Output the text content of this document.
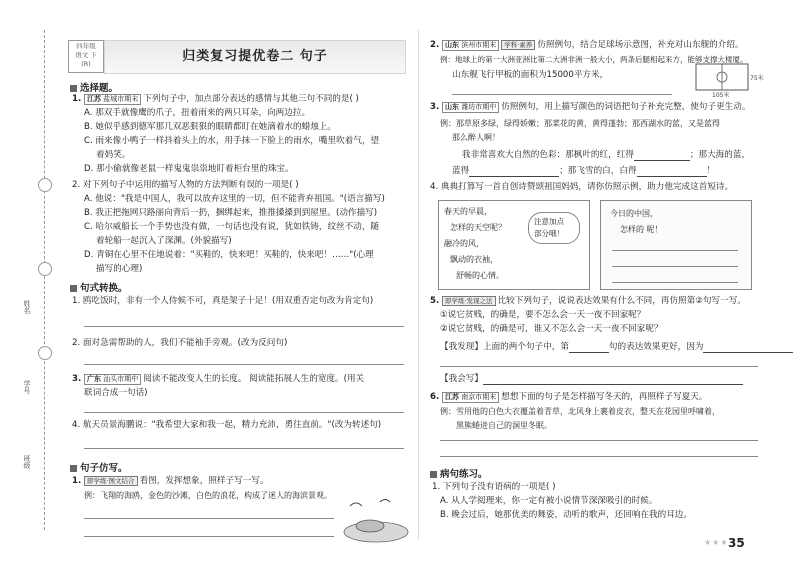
姓名
学号
班级
四年级
语文 下
(R)	归类复习提优卷二 句子
选择题。
1. 江苏 盐城市期末 下列句子中，加点部分表达的感情与其他三句不同的是( )
A. 那双手就像鹰的爪子，扭着雨来的两只耳朵，向两边拉。
B. 她似乎感到德军那几双恶狠狠的眼睛都盯在她滴着水的蜡烛上。
C. 雨来像小鸭子一样抖着头上的水，用手抹一下脸上的雨水，嘴里吹着气，望
着妈笑。
D. 那小偷就像老鼠一样鬼鬼祟祟地盯着柜台里的珠宝。
2. 对下列句子中运用的描写人物的方法判断有误的一项是( )
A. 他说："我是中国人，我可以放弃这里的一切，但不能背弃祖国。"(语言描写)
B. 我正把拖网只路丽向背后一扔，捆绑起来，推推搡搡到到屋里。(动作描写)
C. 哈尔威船长一个手势也没有做，一句话也没有说，犹如铁铸，纹丝不动，随
着轮船一起沉入了深渊。(外貌描写)
D. 青铜在心里不住地说着："买鞋的，快来吧！买鞋的，快来吧！……"(心理
描写的心理)
句式转换。
1. 鸥吃饭时，非有一个人侍候不可，真是架子十足！(用双重否定句改为肯定句)
2. 面对急需帮助的人，我们不能袖手旁观。(改为反问句)
3. 广东 汕头市期中 阅读不能改变人生的长度。 阅读能拓展人生的宽度。(用关
联词合成一句话)
4. 航天员景海鹏说："我希望大家和我一起，精力充沛，勇往直前。"(改为转述句)
句子仿写。
1. 即学练·图文结合 看图，发挥想象，照样子写一写。
例：飞翔的海鸥，金色的沙滩，白色的浪花，构成了迷人的海滨景观。
2. 山东 滨州市期末 学科·素养 仿照例句，结合足球场示意图，补充对山东舰的介绍。
例：地球上的第一大洲亚洲比第二大洲非洲一般大小，两条后腿相起来方，能够支撑大楼厦。
山东舰飞行甲板的面积为15000平方米，	75米
105米
3. 山东 潍坊市期中 仿照例句，用上描写颜色的词语把句子补充完整，使句子更生动。
例：那草原多绿，绿得娇嫩；那菜花的黄，黄得蓬勃；那西湖水的蓝，又是蓝得
那么醉人啊！
我非常喜欢大自然的色彩：那枫叶的红，红得	；那大海的蓝，
蓝得	；那飞雪的白，白得	！
4. 典典打算写一首自创诗赞颂祖国妈妈，请你仿照示例，助力他完成这首短诗。
春天的早晨，
怎样的天空呢？
融冷的风，
飘动的衣袖，
舒畅的心情。
注意加点
部分哦！
今日的中国，
怎样的 呢！
5. 即学练·发现之法 比较下列句子，说说表达效果有什么不同，再仿照第②句写一写。
①说它贫贱，的确是，要不怎么会一天一夜不回家呢？
②说它贫贱，的确是可，谁又不怎么会一天一夜不回家呢？
【我发现】上面的两个句子中，第	句的表达效果更好，因为
【我会写】
6. 江苏 南京市期末 想想下面的句子是怎样描写冬天的，再照样子写夏天。
例：雪用他的白色大衣覆盖着青草，北风身上裹着皮衣，整天在花园里呼啸着，
黑熊蜷进自己的洞里冬眠。
病句练习。
1. 下列句子没有语病的一项是( )
A. 从人学阅理来，你一定有被小说情节深深吸引的时候。
B. 晚会过后，她那优美的舞姿，动听的歌声，还回响在我的耳边。
★★★ 35
